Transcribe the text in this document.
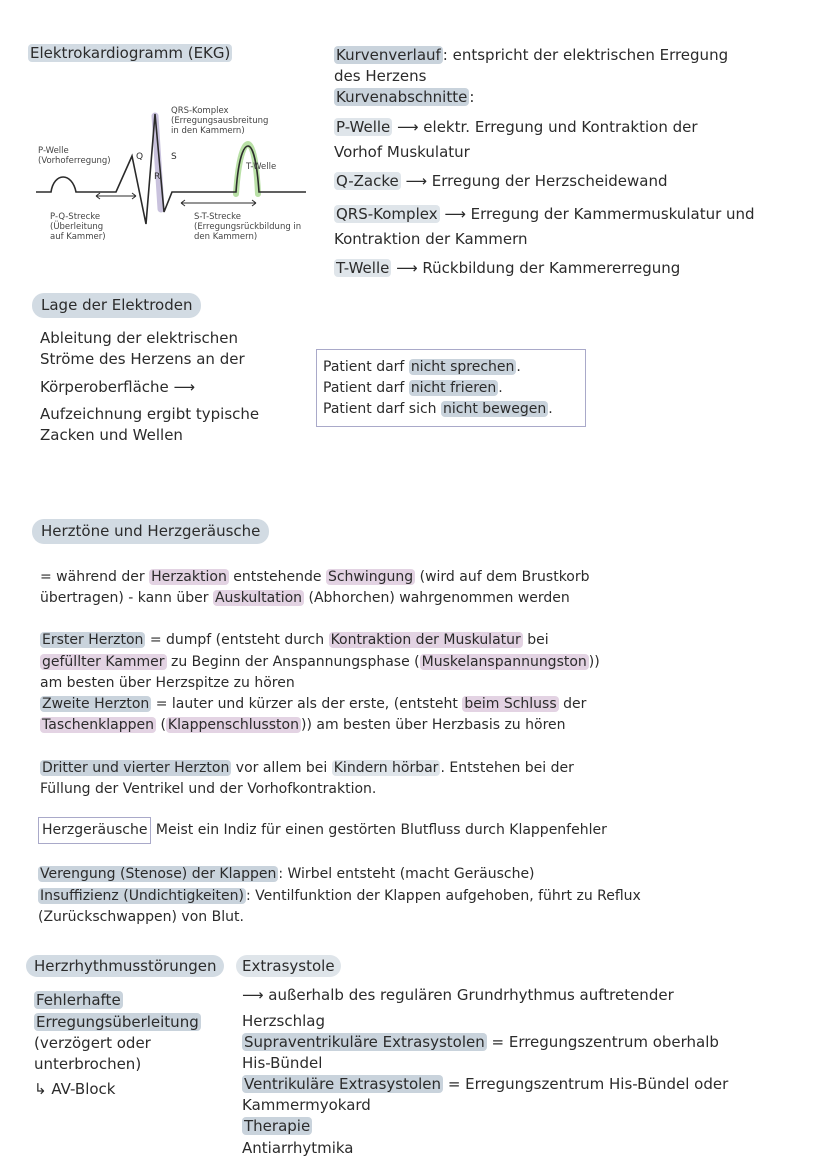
Elektrokardiogramm (EKG)
QRS-Komplex
(Erregungsausbreitung
in den Kammern)
P-Welle
(Vorhoferregung)	Q
R
S
T-Welle
P-Q-Strecke
(Überleitung
auf Kammer)
S-T-Strecke
(Erregungsrückbildung in
den Kammern)
Kurvenverlauf : entspricht der elektrischen Erregung
des Herzens
Kurvenabschnitte :
P-Welle ⟶ elektr. Erregung und Kontraktion der
Vorhof Muskulatur
Q-Zacke ⟶ Erregung der Herzscheidewand
QRS-Komplex ⟶ Erregung der Kammermuskulatur und
Kontraktion der Kammern
T-Welle ⟶ Rückbildung der Kammererregung
Lage der Elektroden
Ableitung der elektrischen
Ströme des Herzens an der
Körperoberfläche ⟶
Aufzeichnung ergibt typische
Zacken und Wellen
Patient darf nicht sprechen .
Patient darf nicht frieren .
Patient darf sich nicht bewegen .
Herztöne und Herzgeräusche
= während der Herzaktion entstehende Schwingung (wird auf dem Brustkorb
übertragen) - kann über Auskultation (Abhorchen) wahrgenommen werden
Erster Herzton = dumpf (entsteht durch Kontraktion der Muskulatur bei
gefüllter Kammer zu Beginn der Anspannungsphase ( Muskelanspannungston ))
am besten über Herzspitze zu hören
Zweite Herzton = lauter und kürzer als der erste, (entsteht beim Schluss der
Taschenklappen ( Klappenschlusston )) am besten über Herzbasis zu hören
Dritter und vierter Herzton vor allem bei Kindern hörbar . Entstehen bei der
Füllung der Ventrikel und der Vorhofkontraktion.
Herzgeräusche Meist ein Indiz für einen gestörten Blutfluss durch Klappenfehler
Verengung (Stenose) der Klappen : Wirbel entsteht (macht Geräusche)
Insuffizienz (Undichtigkeiten) : Ventilfunktion der Klappen aufgehoben, führt zu Reflux
(Zurückschwappen) von Blut.
Herzrhythmusstörungen
Fehlerhafte
Erregungsüberleitung
(verzögert oder
unterbrochen)
↳ AV-Block
Extrasystole
⟶ außerhalb des regulären Grundrhythmus auftretender
Herzschlag
Supraventrikuläre Extrasystolen = Erregungszentrum oberhalb
His-Bündel
Ventrikuläre Extrasystolen = Erregungszentrum His-Bündel oder
Kammermyokard
Therapie
Antiarrhytmika
